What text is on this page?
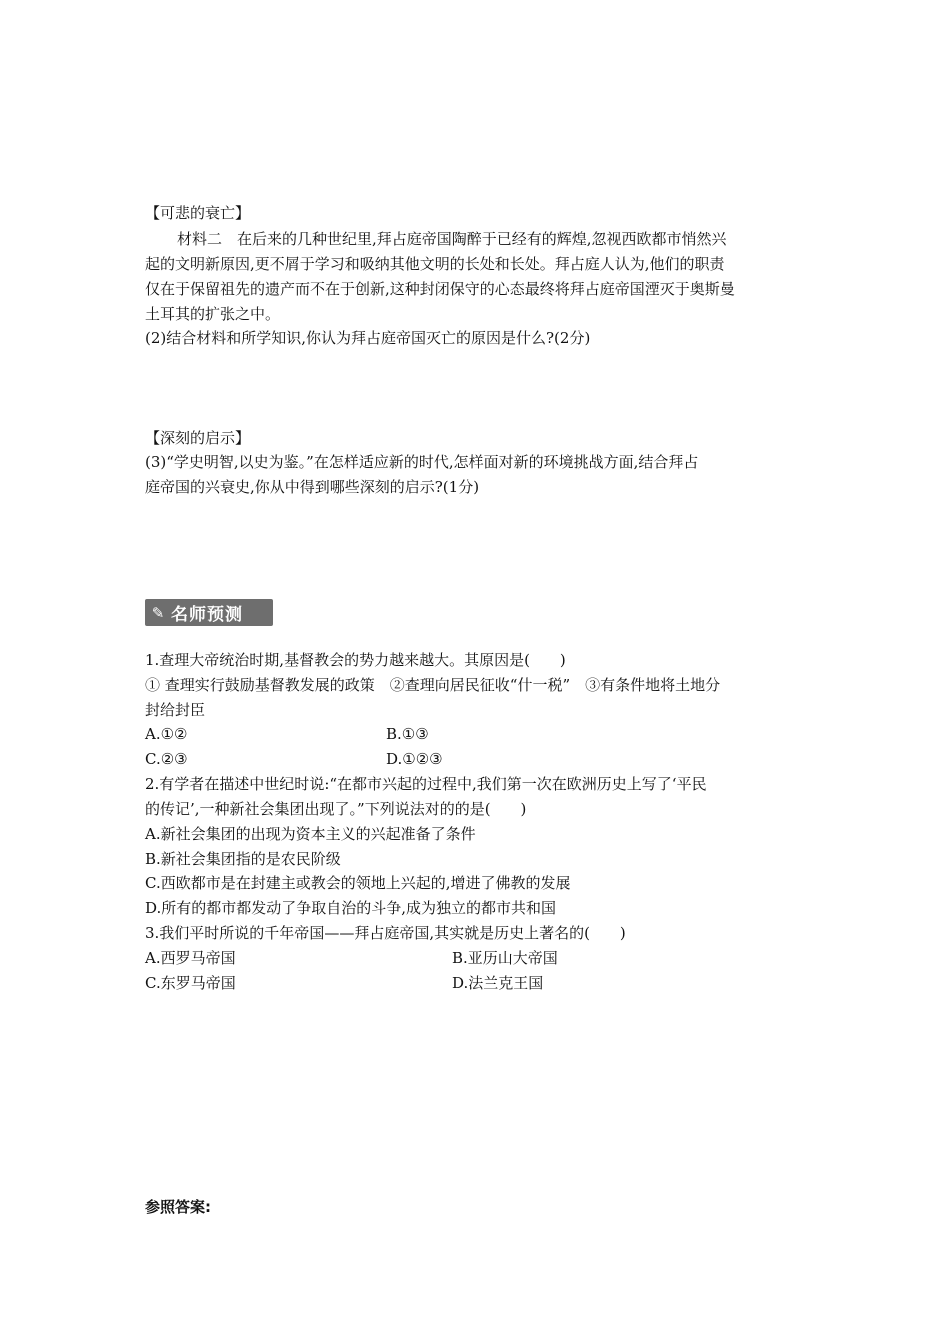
【可悲的衰亡】
材料二　在后来的几种世纪里,拜占庭帝国陶醉于已经有的辉煌,忽视西欧都市悄然兴
起的文明新原因,更不屑于学习和吸纳其他文明的长处和长处。拜占庭人认为,他们的职责
仅在于保留祖先的遗产而不在于创新,这种封闭保守的心态最终将拜占庭帝国湮灭于奥斯曼
土耳其的扩张之中。
(2)结合材料和所学知识,你认为拜占庭帝国灭亡的原因是什么?(2分)
【深刻的启示】
(3)“学史明智,以史为鉴。”在怎样适应新的时代,怎样面对新的环境挑战方面,结合拜占
庭帝国的兴衰史,你从中得到哪些深刻的启示?(1分)
✎ 名师预测
1.查理大帝统治时期,基督教会的势力越来越大。其原因是(　　)
① 查理实行鼓励基督教发展的政策　②查理向居民征收“什一税”　③有条件地将土地分
封给封臣
A.①②	B.①③
C.②③	D.①②③
2.有学者在描述中世纪时说:“在都市兴起的过程中,我们第一次在欧洲历史上写了‘平民
的传记’,一种新社会集团出现了。”下列说法对的的是(　　)
A.新社会集团的出现为资本主义的兴起准备了条件
B.新社会集团指的是农民阶级
C.西欧都市是在封建主或教会的领地上兴起的,增进了佛教的发展
D.所有的都市都发动了争取自治的斗争,成为独立的都市共和国
3.我们平时所说的千年帝国——拜占庭帝国,其实就是历史上著名的(　　)
A.西罗马帝国	B.亚历山大帝国
C.东罗马帝国	D.法兰克王国
参照答案:
